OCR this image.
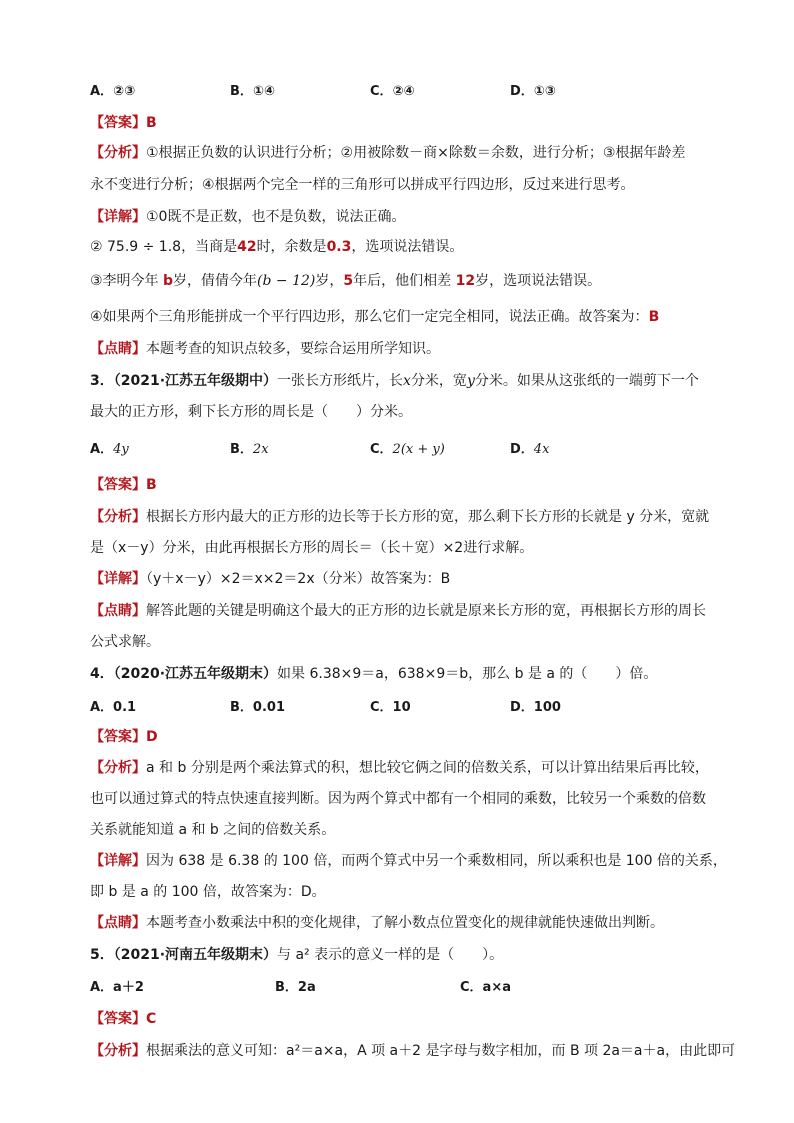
A．②③	B．①④	C．②④	D．①③
【答案】B
【分析】①根据正负数的认识进行分析；②用被除数－商×除数＝余数，进行分析；③根据年龄差
永不变进行分析；④根据两个完全一样的三角形可以拼成平行四边形，反过来进行思考。
【详解】①0既不是正数，也不是负数，说法正确。
② 75.9 ÷ 1.8，当商是42时，余数是0.3，选项说法错误。
③李明今年 b岁，倩倩今年(b − 12)岁，5年后，他们相差 12岁，选项说法错误。
④如果两个三角形能拼成一个平行四边形，那么它们一定完全相同，说法正确。故答案为：B
【点睛】本题考查的知识点较多，要综合运用所学知识。
3．（2021·江苏五年级期中）一张长方形纸片，长x分米，宽y分米。如果从这张纸的一端剪下一个
最大的正方形，剩下长方形的周长是（　　）分米。
A．4y	B．2x	C．2(x + y)	D．4x
【答案】B
【分析】根据长方形内最大的正方形的边长等于长方形的宽，那么剩下长方形的长就是 y 分米，宽就
是（x－y）分米，由此再根据长方形的周长＝（长＋宽）×2进行求解。
【详解】（y＋x－y）×2＝x×2＝2x（分米）故答案为：B
【点睛】解答此题的关键是明确这个最大的正方形的边长就是原来长方形的宽，再根据长方形的周长
公式求解。
4．（2020·江苏五年级期末）如果 6.38×9＝a，638×9＝b，那么 b 是 a 的（　　）倍。
A．0.1	B．0.01	C．10	D．100
【答案】D
【分析】a 和 b 分别是两个乘法算式的积，想比较它俩之间的倍数关系，可以计算出结果后再比较，
也可以通过算式的特点快速直接判断。因为两个算式中都有一个相同的乘数，比较另一个乘数的倍数
关系就能知道 a 和 b 之间的倍数关系。
【详解】因为 638 是 6.38 的 100 倍，而两个算式中另一个乘数相同，所以乘积也是 100 倍的关系，
即 b 是 a 的 100 倍，故答案为：D。
【点睛】本题考查小数乘法中积的变化规律，了解小数点位置变化的规律就能快速做出判断。
5．（2021·河南五年级期末）与 a² 表示的意义一样的是（　　）。
A．a＋2	B．2a	C．a×a
【答案】C
【分析】根据乘法的意义可知：a²＝a×a，A 项 a＋2 是字母与数字相加，而 B 项 2a＝a＋a，由此即可
